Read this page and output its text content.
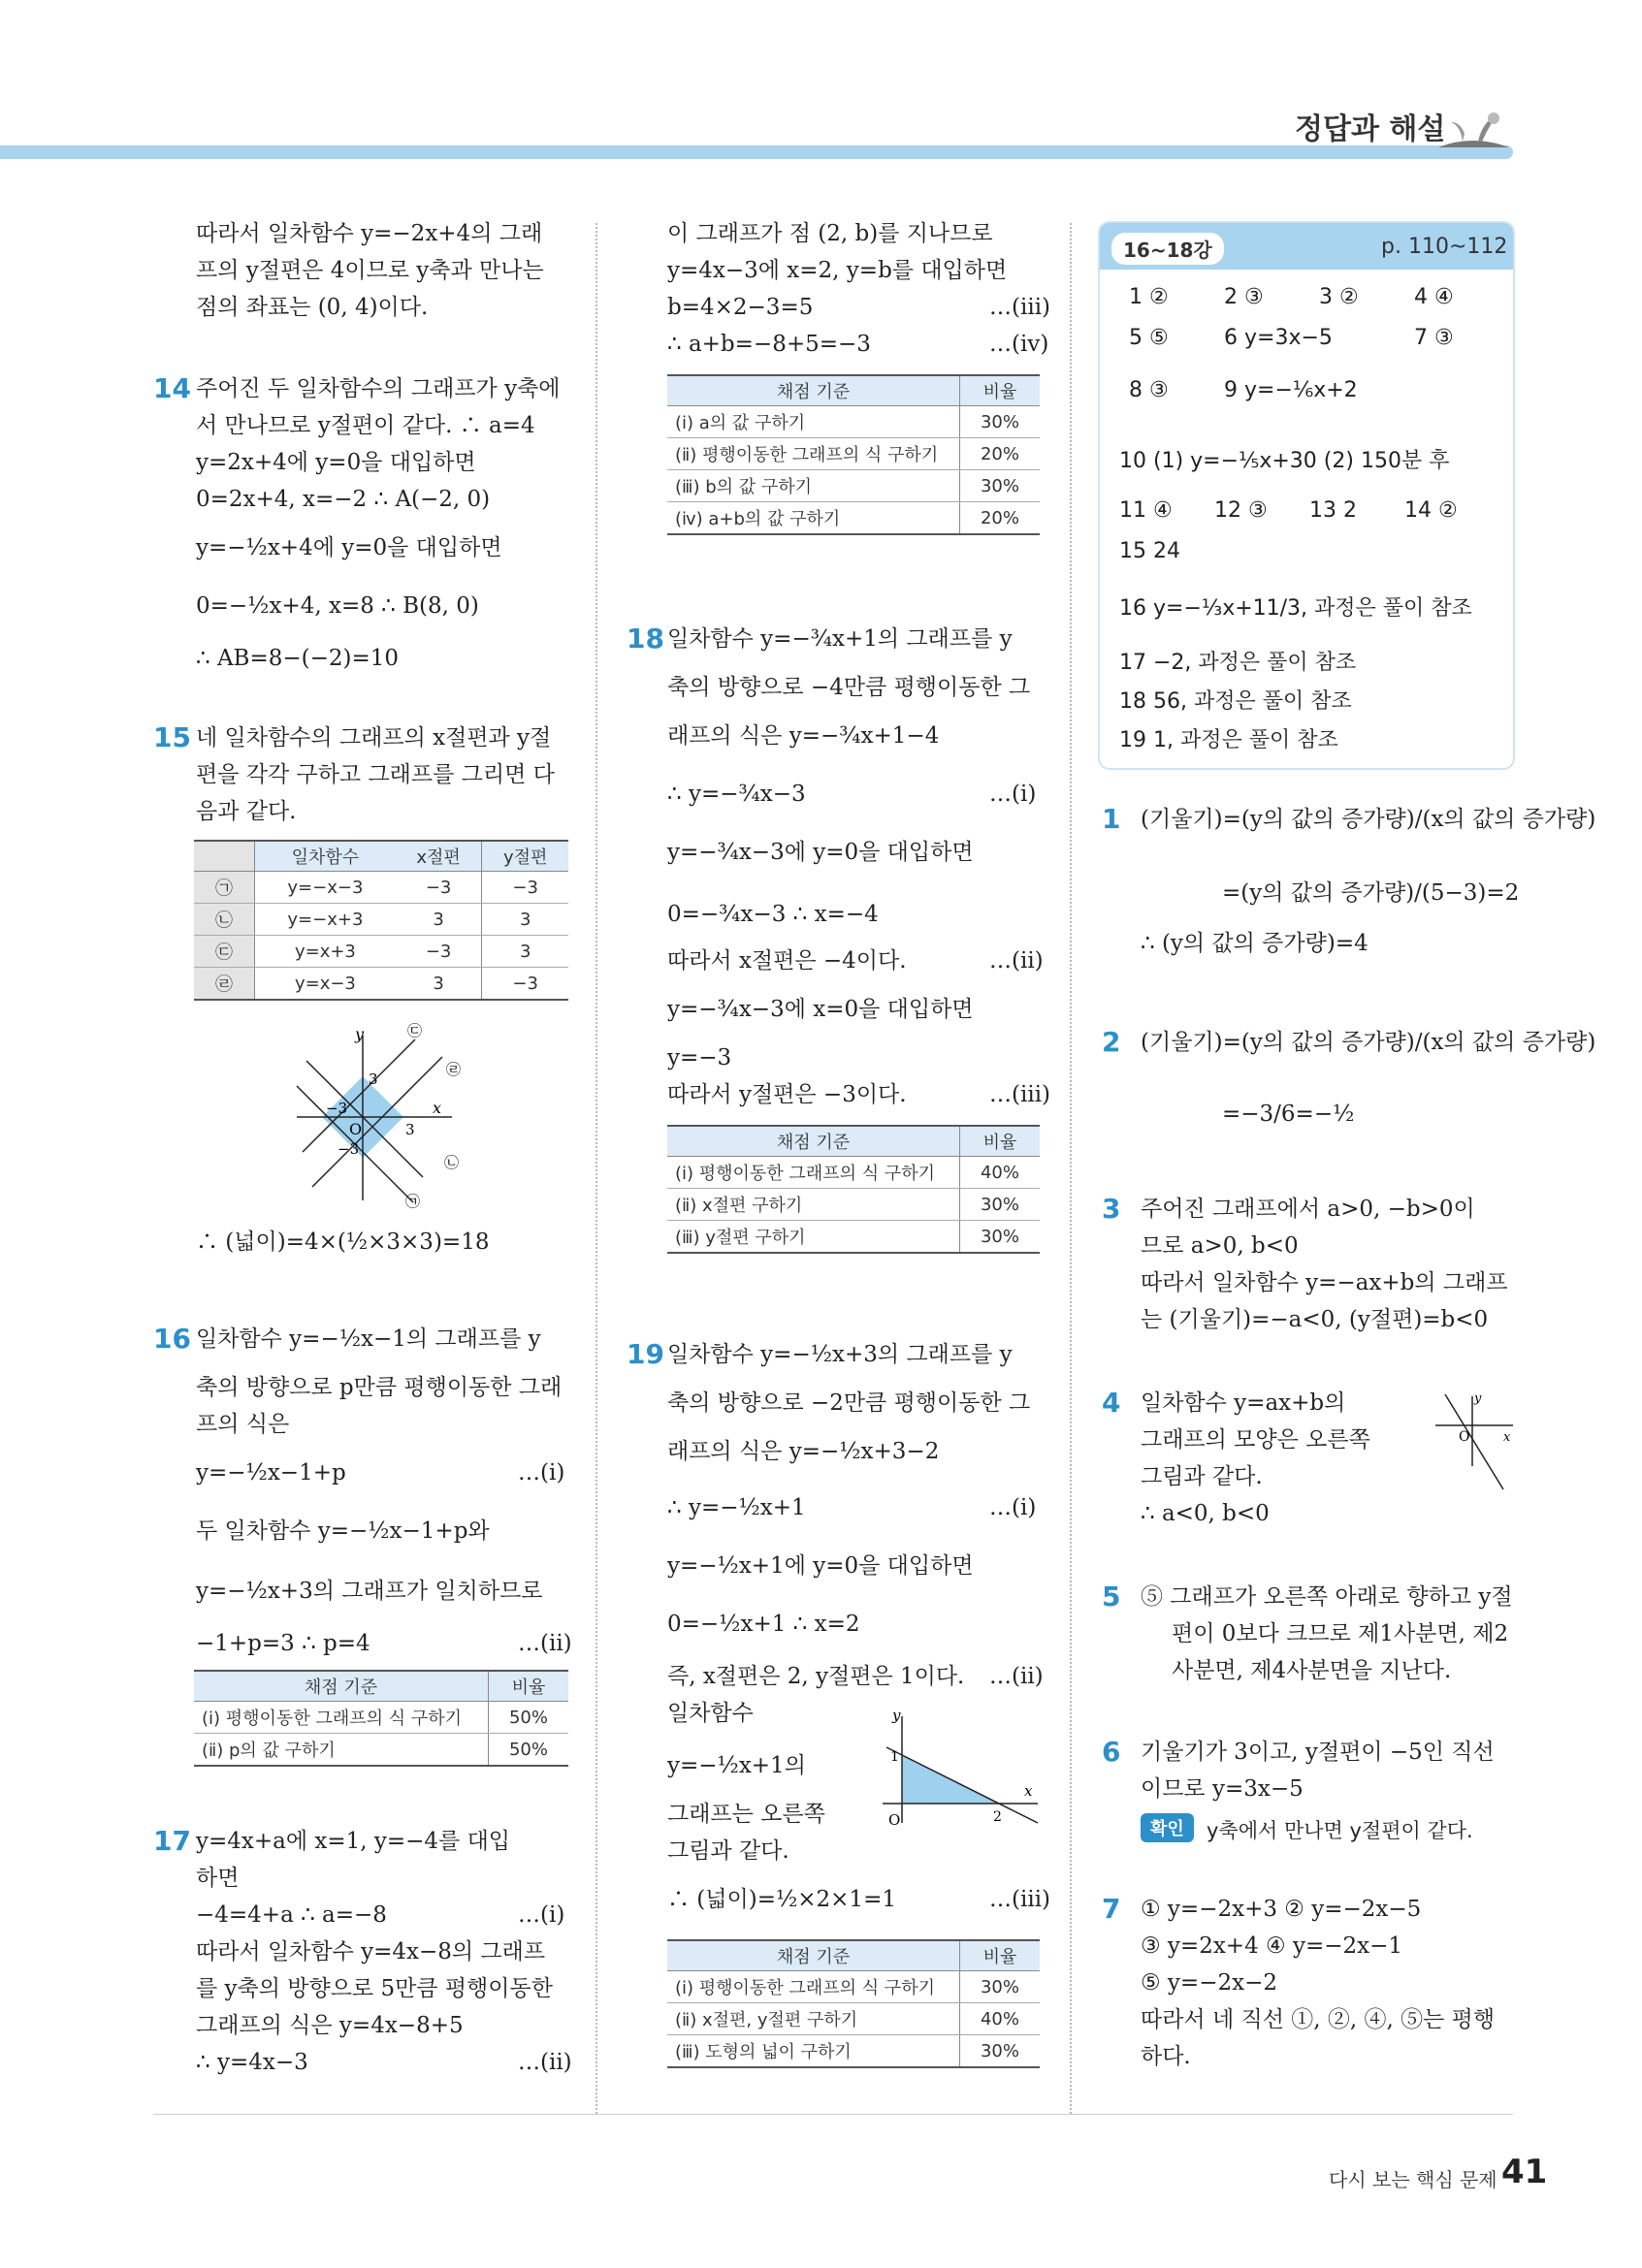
정답과 해설
따라서 일차함수 y=−2x+4의 그래
프의 y절편은 4이므로 y축과 만나는
점의 좌표는 (0, 4)이다.
14 주어진 두 일차함수의 그래프가 y축에
서 만나므로 y절편이 같다. ∴ a=4
y=2x+4에 y=0을 대입하면
0=2x+4, x=−2 ∴ A(−2, 0)
y=−½x+4에 y=0을 대입하면
0=−½x+4, x=8 ∴ B(8, 0)
∴ AB=8−(−2)=10
15 네 일차함수의 그래프의 x절편과 y절
편을 각각 구하고 그래프를 그리면 다
음과 같다.
	일차함수	x절편	y절편
㉠	y=−x−3	−3	−3
㉡	y=−x+3	3	3
㉢	y=x+3	−3	3
㉣	y=x−3	3	−3
y
x
O
3
−3
3
−3
㉠
㉡
㉢
㉣
∴ (넓이)=4×(½×3×3)=18
16 일차함수 y=−½x−1의 그래프를 y
축의 방향으로 p만큼 평행이동한 그래
프의 식은
y=−½x−1+p	…(ⅰ)
두 일차함수 y=−½x−1+p와
y=−½x+3의 그래프가 일치하므로
−1+p=3 ∴ p=4	…(ⅱ)
채점 기준	비율
(ⅰ) 평행이동한 그래프의 식 구하기	50%
(ⅱ) p의 값 구하기	50%
17 y=4x+a에 x=1, y=−4를 대입
하면
−4=4+a ∴ a=−8	…(ⅰ)
따라서 일차함수 y=4x−8의 그래프
를 y축의 방향으로 5만큼 평행이동한
그래프의 식은 y=4x−8+5
∴ y=4x−3	…(ⅱ)
이 그래프가 점 (2, b)를 지나므로
y=4x−3에 x=2, y=b를 대입하면
b=4×2−3=5	…(ⅲ)
∴ a+b=−8+5=−3	…(ⅳ)
채점 기준	비율
(ⅰ) a의 값 구하기	30%
(ⅱ) 평행이동한 그래프의 식 구하기	20%
(ⅲ) b의 값 구하기	30%
(ⅳ) a+b의 값 구하기	20%
18 일차함수 y=−¾x+1의 그래프를 y
축의 방향으로 −4만큼 평행이동한 그
래프의 식은 y=−¾x+1−4
∴ y=−¾x−3	…(ⅰ)
y=−¾x−3에 y=0을 대입하면
0=−¾x−3 ∴ x=−4
따라서 x절편은 −4이다.	…(ⅱ)
y=−¾x−3에 x=0을 대입하면
y=−3
따라서 y절편은 −3이다.	…(ⅲ)
채점 기준	비율
(ⅰ) 평행이동한 그래프의 식 구하기	40%
(ⅱ) x절편 구하기	30%
(ⅲ) y절편 구하기	30%
19 일차함수 y=−½x+3의 그래프를 y
축의 방향으로 −2만큼 평행이동한 그
래프의 식은 y=−½x+3−2
∴ y=−½x+1	…(ⅰ)
y=−½x+1에 y=0을 대입하면
0=−½x+1 ∴ x=2
즉, x절편은 2, y절편은 1이다. …(ⅱ)
일차함수
y=−½x+1의
그래프는 오른쪽
그림과 같다.
∴ (넓이)=½×2×1=1	…(ⅲ)
y
x
O
1
2
채점 기준	비율
(ⅰ) 평행이동한 그래프의 식 구하기	30%
(ⅱ) x절편, y절편 구하기	40%
(ⅲ) 도형의 넓이 구하기	30%
16~18강	p. 110~112
1 ②	2 ③	3 ②	4 ④
5 ⑤	6 y=3x−5	7 ③
8 ③	9 y=−⅙x+2
10 (1) y=−⅕x+30 (2) 150분 후
11 ④ 12 ③ 13 2 14 ②
15 24
16 y=−⅓x+11/3, 과정은 풀이 참조
17 −2, 과정은 풀이 참조
18 56, 과정은 풀이 참조
19 1, 과정은 풀이 참조
1 (기울기)=(y의 값의 증가량)/(x의 값의 증가량)
=(y의 값의 증가량)/(5−3)=2
∴ (y의 값의 증가량)=4
2 (기울기)=(y의 값의 증가량)/(x의 값의 증가량)
=−3/6=−½
3 주어진 그래프에서 a>0, −b>0이
므로 a>0, b<0
따라서 일차함수 y=−ax+b의 그래프
는 (기울기)=−a<0, (y절편)=b<0
4 일차함수 y=ax+b의
그래프의 모양은 오른쪽
그림과 같다.
∴ a<0, b<0
y
x
O
5 ⑤ 그래프가 오른쪽 아래로 향하고 y절
편이 0보다 크므로 제1사분면, 제2
사분면, 제4사분면을 지난다.
6 기울기가 3이고, y절편이 −5인 직선
이므로 y=3x−5
확인	y축에서 만나면 y절편이 같다.
7 ① y=−2x+3 ② y=−2x−5
③ y=2x+4 ④ y=−2x−1
⑤ y=−2x−2
따라서 네 직선 ①, ②, ④, ⑤는 평행
하다.
다시 보는 핵심 문제 41
